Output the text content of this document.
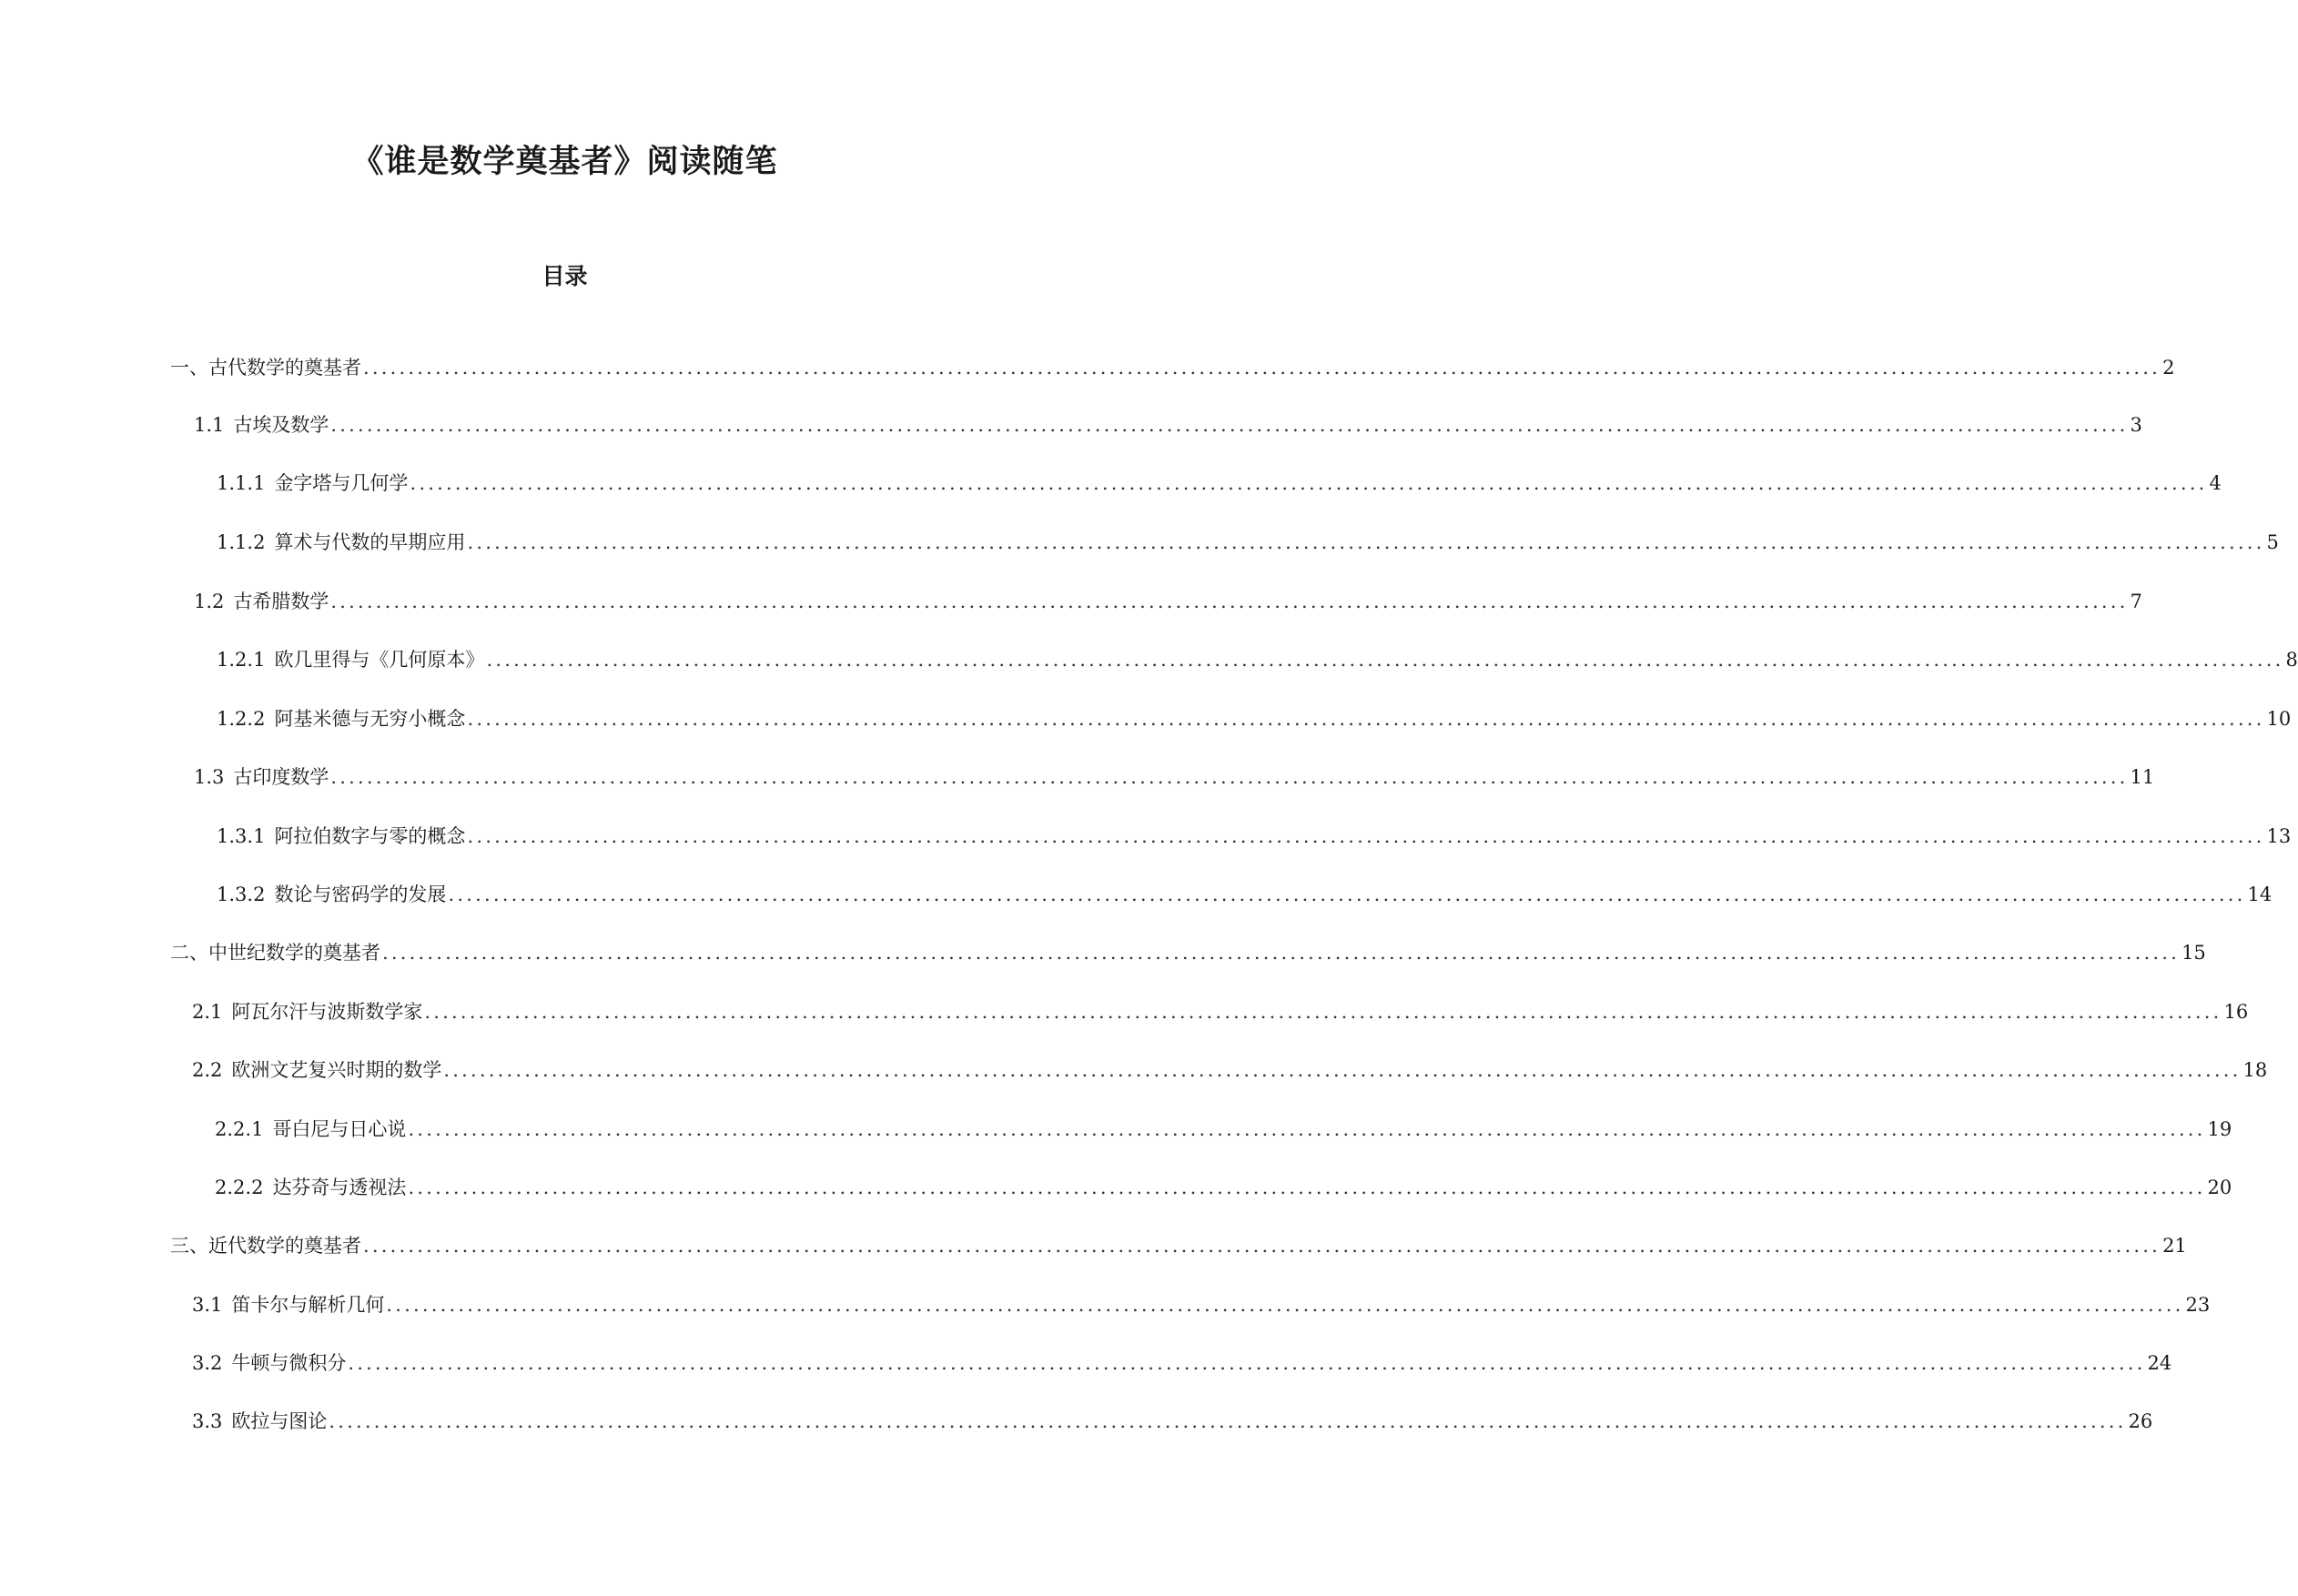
《谁是数学奠基者》阅读随笔
目录
一、 古代数学的奠基者 ........................................................................................................................................................................................................ 2
1.1 古埃及数学 ........................................................................................................................................................................................................ 3
1.1.1 金字塔与几何学 ........................................................................................................................................................................................................ 4
1.1.2 算术与代数的早期应用 ........................................................................................................................................................................................................ 5
1.2 古希腊数学 ........................................................................................................................................................................................................ 7
1.2.1 欧几里得与《几何原本》 ........................................................................................................................................................................................................ 8
1.2.2 阿基米德与无穷小概念 ........................................................................................................................................................................................................ 10
1.3 古印度数学 ........................................................................................................................................................................................................ 11
1.3.1 阿拉伯数字与零的概念 ........................................................................................................................................................................................................ 13
1.3.2 数论与密码学的发展 ........................................................................................................................................................................................................ 14
二、 中世纪数学的奠基者 ........................................................................................................................................................................................................ 15
2.1 阿瓦尔汗与波斯数学家 ........................................................................................................................................................................................................ 16
2.2 欧洲文艺复兴时期的数学 ........................................................................................................................................................................................................ 18
2.2.1 哥白尼与日心说 ........................................................................................................................................................................................................ 19
2.2.2 达芬奇与透视法 ........................................................................................................................................................................................................ 20
三、 近代数学的奠基者 ........................................................................................................................................................................................................ 21
3.1 笛卡尔与解析几何 ........................................................................................................................................................................................................ 23
3.2 牛顿与微积分 ........................................................................................................................................................................................................ 24
3.3 欧拉与图论 ........................................................................................................................................................................................................ 26
